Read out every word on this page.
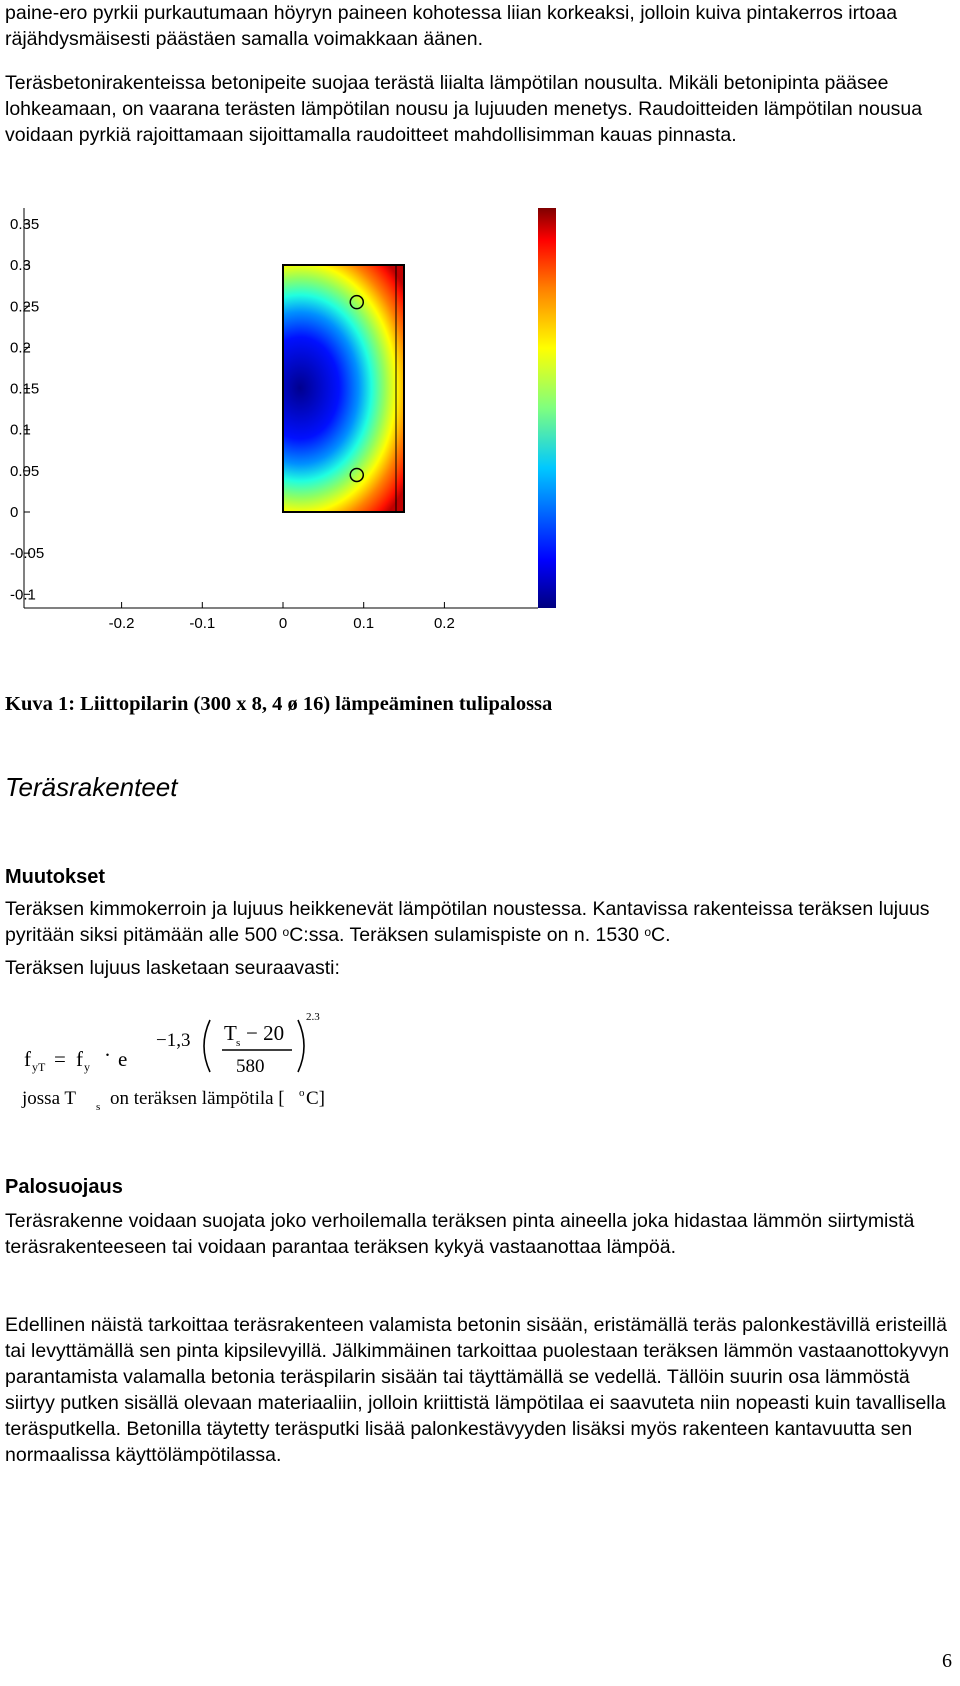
paine-ero pyrkii purkautumaan höyryn paineen kohotessa liian korkeaksi, jolloin kuiva pintakerros irtoaa räjähdysmäisesti päästäen samalla voimakkaan äänen.

Teräsbetonirakenteissa betonipeite suojaa terästä liialta lämpötilan nousulta. Mikäli betonipinta pääsee lohkeamaan, on vaarana terästen lämpötilan nousu ja lujuuden menetys. Raudoitteiden lämpötilan nousua voidaan pyrkiä rajoittamaan sijoittamalla raudoitteet mahdollisimman kauas pinnasta.

0.35
0.3
0.25
0.2
0.15
0.1
0.05
0
-0.05
-0.1
-0.2	-0.1	0	0.1	0.2

Kuva 1: Liittopilarin (300 x 8, 4 ø 16) lämpeäminen tulipalossa

Teräsrakenteet
Muutokset

Teräksen kimmokerroin ja lujuus heikkenevät lämpötilan noustessa. Kantavissa rakenteissa teräksen lujuus pyritään siksi pitämään alle 500 $^o$C:ssa. Teräksen sulamispiste on n. 1530 $^o$C.

Teräksen lujuus lasketaan seuraavasti:

f yT = f y · e
−1,3 T s − 20
580
2.3
jossa T s on teräksen lämpötila [ o C]
Palosuojaus

Teräsrakenne voidaan suojata joko verhoilemalla teräksen pinta aineella joka hidastaa lämmön siirtymistä teräsrakenteeseen tai voidaan parantaa teräksen kykyä vastaanottaa lämpöä.

Edellinen näistä tarkoittaa teräsrakenteen valamista betonin sisään, eristämällä teräs palonkestävillä eristeillä tai levyttämällä sen pinta kipsilevyillä. Jälkimmäinen tarkoittaa puolestaan teräksen lämmön vastaanottokyvyn parantamista valamalla betonia teräspilarin sisään tai täyttämällä se vedellä. Tällöin suurin osa lämmöstä siirtyy putken sisällä olevaan materiaaliin, jolloin kriittistä lämpötilaa ei saavuteta niin nopeasti kuin tavallisella teräsputkella. Betonilla täytetty teräsputki lisää palonkestävyyden lisäksi myös rakenteen kantavuutta sen normaalissa käyttölämpötilassa.

6
